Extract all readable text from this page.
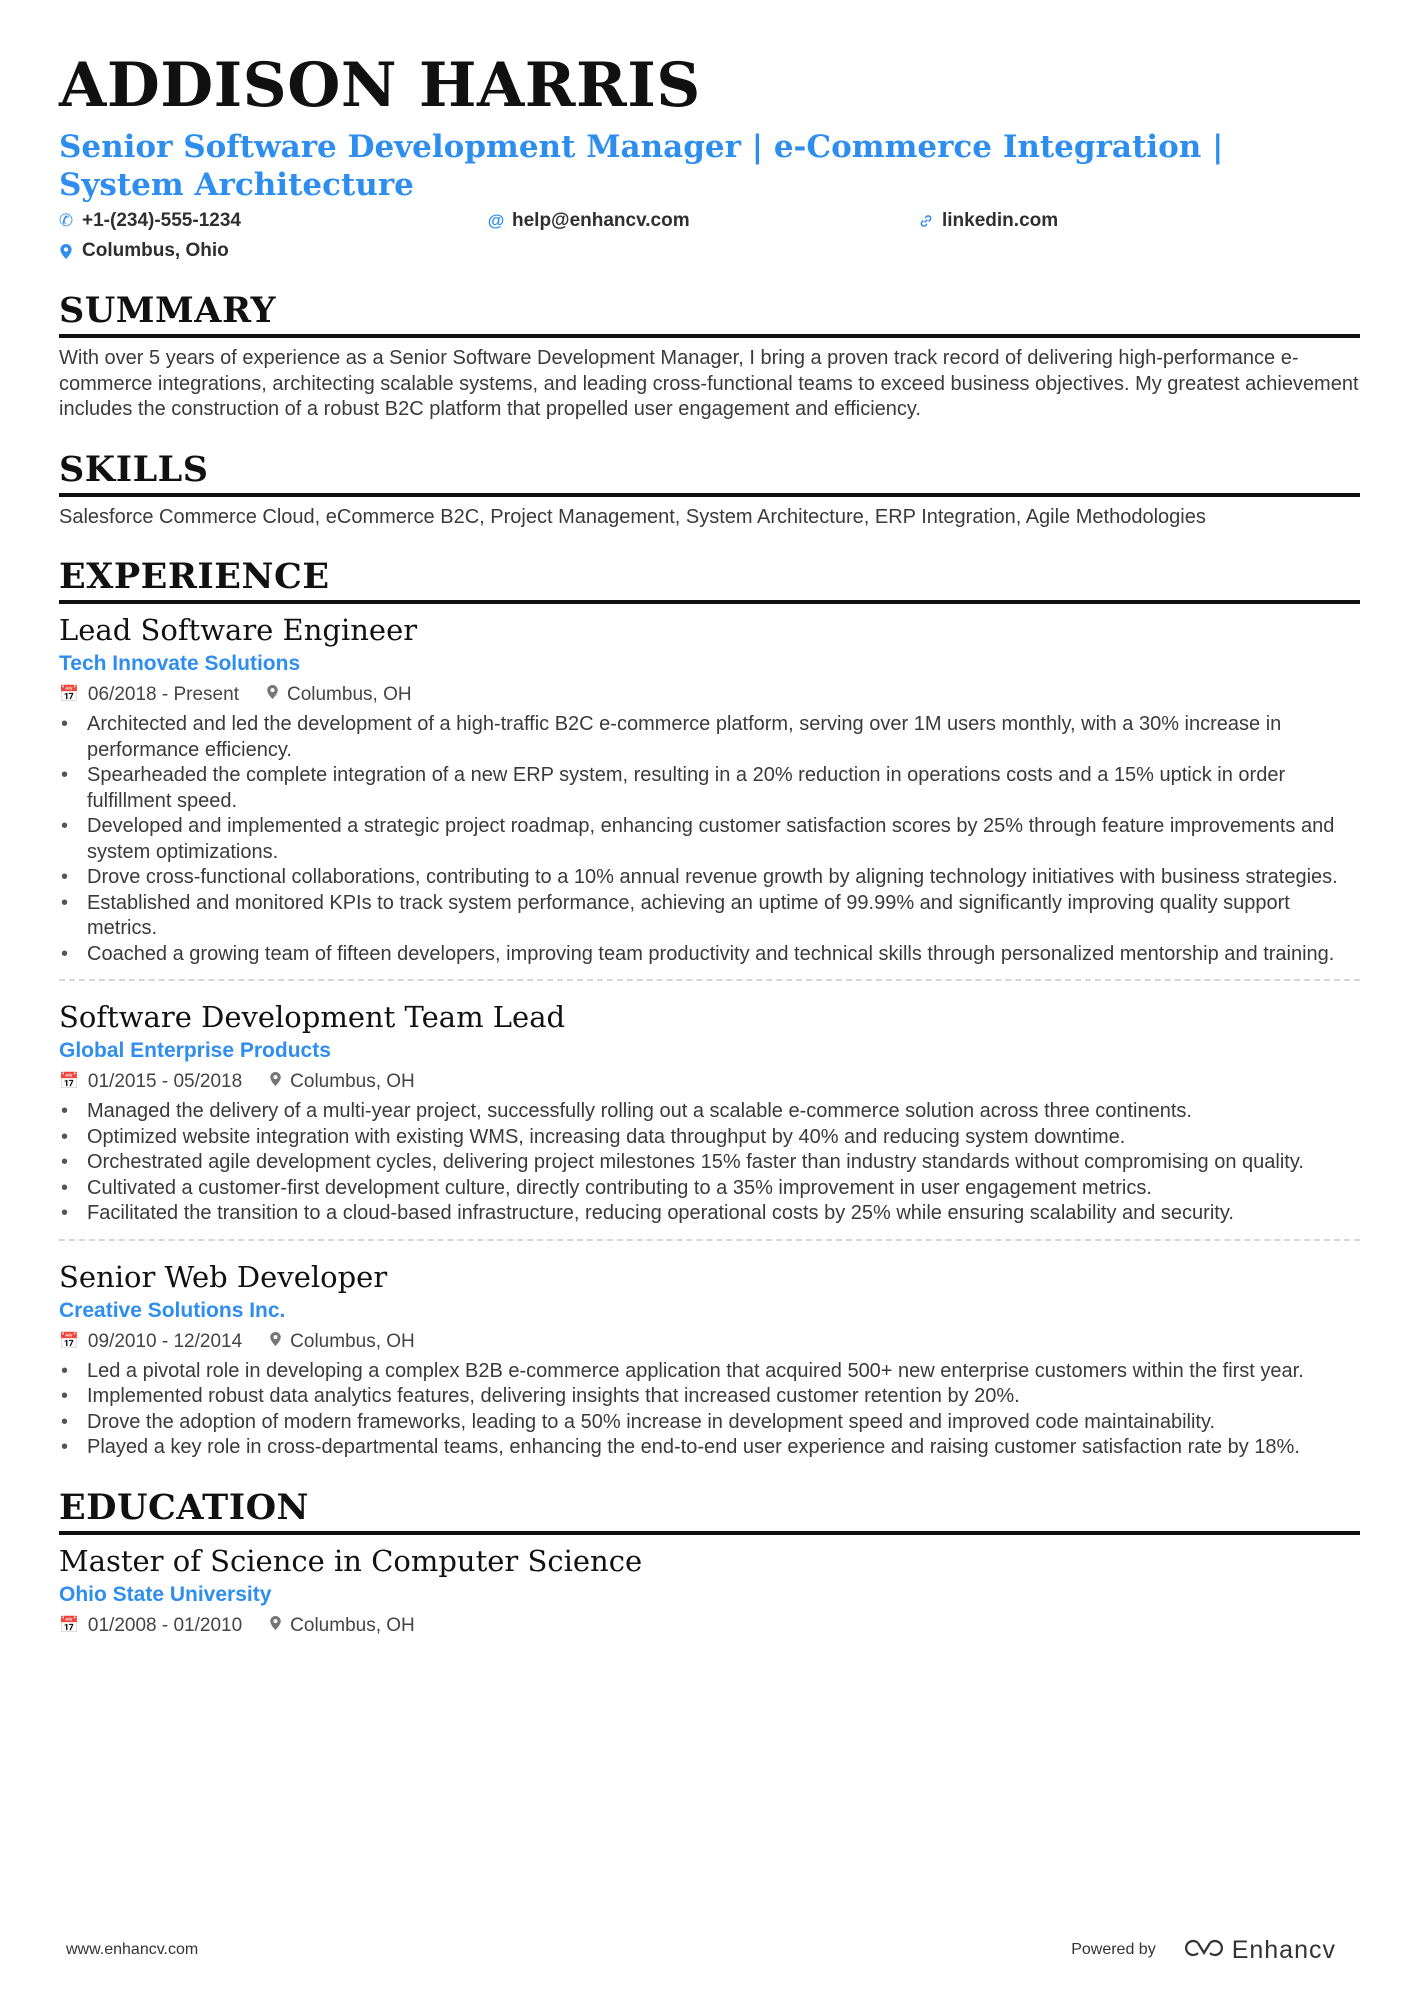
ADDISON HARRIS
Senior Software Development Manager | e-Commerce Integration | System Architecture
✆ +1-(234)-555-1234	@ help@enhancv.com	linkedin.com
Columbus, Ohio
SUMMARY

With over 5 years of experience as a Senior Software Development Manager, I bring a proven track record of delivering high-performance e-commerce integrations, architecting scalable systems, and leading cross-functional teams to exceed business objectives. My greatest achievement includes the construction of a robust B2C platform that propelled user engagement and efficiency.

SKILLS

Salesforce Commerce Cloud, eCommerce B2C, Project Management, System Architecture, ERP Integration, Agile Methodologies

EXPERIENCE
Lead Software Engineer
Tech Innovate Solutions
📅 06/2018 - Present	Columbus, OH
• Architected and led the development of a high-traffic B2C e-commerce platform, serving over 1M users monthly, with a 30% increase in performance efficiency.
• Spearheaded the complete integration of a new ERP system, resulting in a 20% reduction in operations costs and a 15% uptick in order fulfillment speed.
• Developed and implemented a strategic project roadmap, enhancing customer satisfaction scores by 25% through feature improvements and system optimizations.
• Drove cross-functional collaborations, contributing to a 10% annual revenue growth by aligning technology initiatives with business strategies.
• Established and monitored KPIs to track system performance, achieving an uptime of 99.99% and significantly improving quality support metrics.
• Coached a growing team of fifteen developers, improving team productivity and technical skills through personalized mentorship and training.
Software Development Team Lead
Global Enterprise Products
📅 01/2015 - 05/2018	Columbus, OH
• Managed the delivery of a multi-year project, successfully rolling out a scalable e-commerce solution across three continents.
• Optimized website integration with existing WMS, increasing data throughput by 40% and reducing system downtime.
• Orchestrated agile development cycles, delivering project milestones 15% faster than industry standards without compromising on quality.
• Cultivated a customer-first development culture, directly contributing to a 35% improvement in user engagement metrics.
• Facilitated the transition to a cloud-based infrastructure, reducing operational costs by 25% while ensuring scalability and security.
Senior Web Developer
Creative Solutions Inc.
📅 09/2010 - 12/2014	Columbus, OH
• Led a pivotal role in developing a complex B2B e-commerce application that acquired 500+ new enterprise customers within the first year.
• Implemented robust data analytics features, delivering insights that increased customer retention by 20%.
• Drove the adoption of modern frameworks, leading to a 50% increase in development speed and improved code maintainability.
• Played a key role in cross-departmental teams, enhancing the end-to-end user experience and raising customer satisfaction rate by 18%.
EDUCATION
Master of Science in Computer Science
Ohio State University
📅 01/2008 - 01/2010	Columbus, OH
www.enhancv.com	Powered by	Enhancv
